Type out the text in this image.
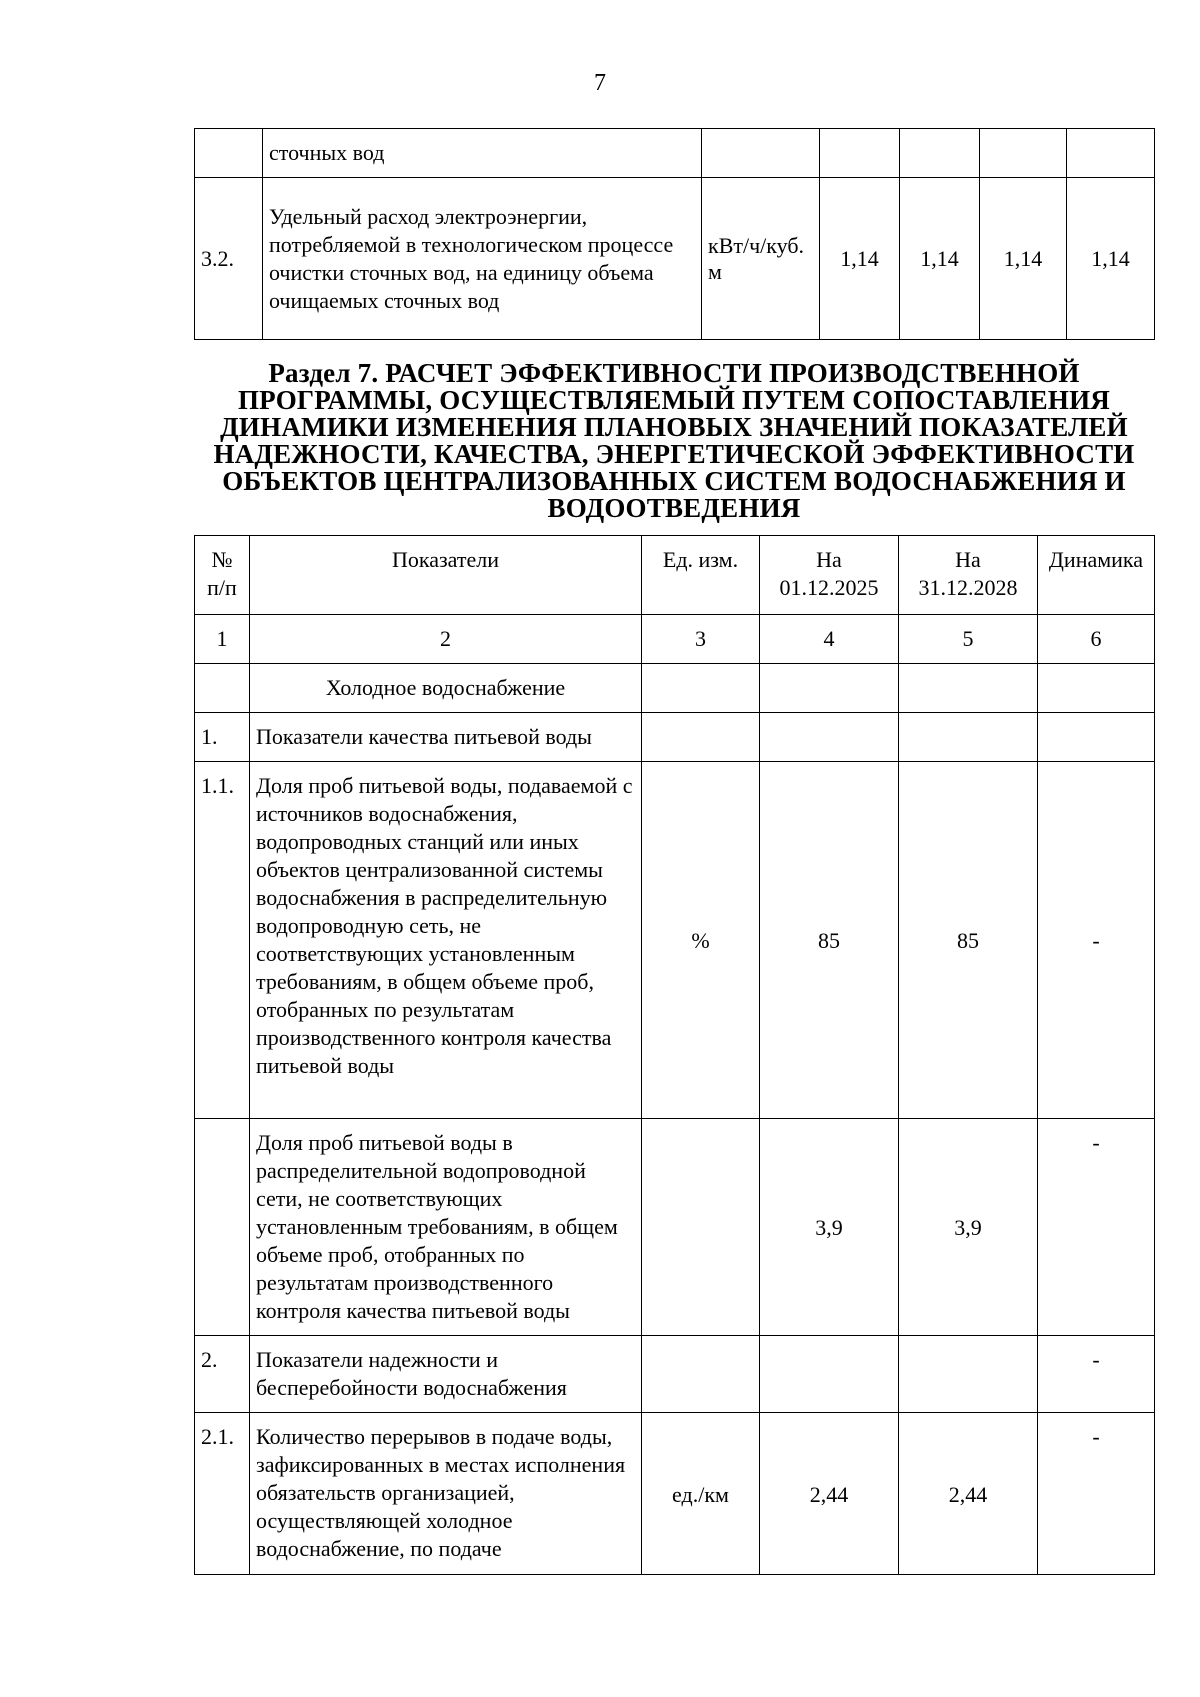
7
	сточных вод					
3.2.	Удельный расход электроэнергии, потребляемой в технологическом процессе очистки сточных вод, на единицу объема очищаемых сточных вод	кВт/ч/куб. м	1,14	1,14	1,14	1,14
Раздел 7. РАСЧЕТ ЭФФЕКТИВНОСТИ ПРОИЗВОДСТВЕННОЙ ПРОГРАММЫ, ОСУЩЕСТВЛЯЕМЫЙ ПУТЕМ СОПОСТАВЛЕНИЯ ДИНАМИКИ ИЗМЕНЕНИЯ ПЛАНОВЫХ ЗНАЧЕНИЙ ПОКАЗАТЕЛЕЙ НАДЕЖНОСТИ, КАЧЕСТВА, ЭНЕРГЕТИЧЕСКОЙ ЭФФЕКТИВНОСТИ ОБЪЕКТОВ ЦЕНТРАЛИЗОВАННЫХ СИСТЕМ ВОДОСНАБЖЕНИЯ И ВОДООТВЕДЕНИЯ
№ п/п	Показатели	Ед. изм.	На 01.12.2025	На 31.12.2028	Динамика
1	2	3	4	5	6
	Холодное водоснабжение				
1.	Показатели качества питьевой воды				
1.1.	Доля проб питьевой воды, подаваемой с источников водоснабжения, водопроводных станций или иных объектов централизованной системы водоснабжения в распределительную водопроводную сеть, не соответствующих установленным требованиям, в общем объеме проб, отобранных по результатам производственного контроля качества питьевой воды	%	85	85	-
	Доля проб питьевой воды в распределительной водопроводной сети, не соответствующих установленным требованиям, в общем объеме проб, отобранных по результатам производственного контроля качества питьевой воды		3,9	3,9	-
2.	Показатели надежности и бесперебойности водоснабжения				-
2.1.	Количество перерывов в подаче воды, зафиксированных в местах исполнения обязательств организацией, осуществляющей холодное водоснабжение, по подаче	ед./км	2,44	2,44	-
